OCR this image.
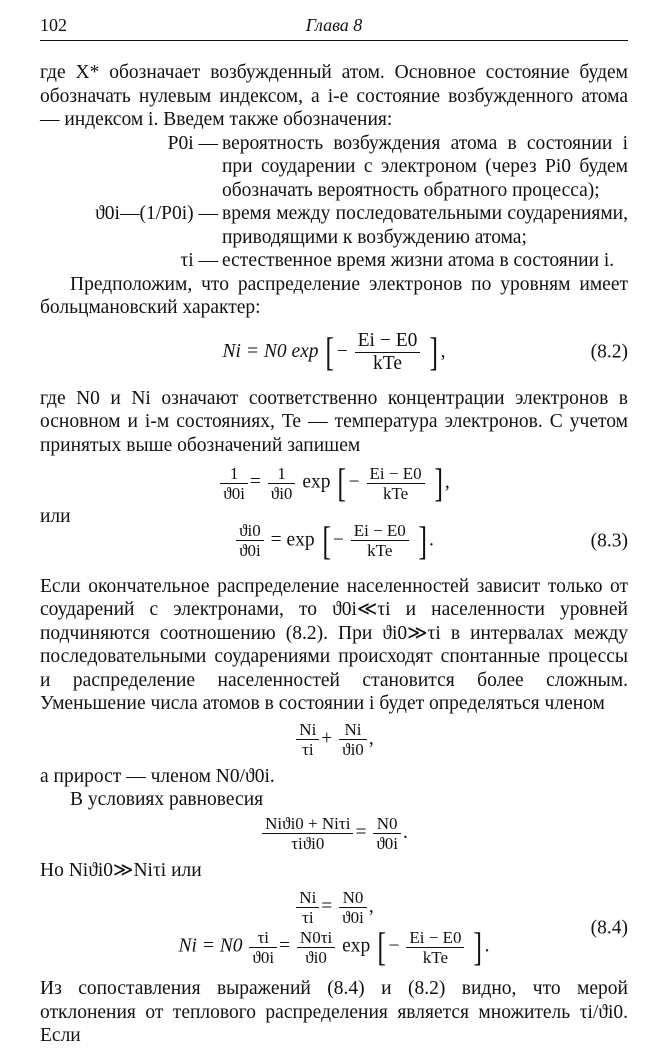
102	Глава 8

где X* обозначает возбужденный атом. Основное состояние будем обозначать нулевым индексом, а i-е состояние возбужденного атома — индексом i. Введем также обозначения:

P0i — вероятность возбуждения атома в состоянии i при соударении с электроном (через Pi0 будем обозначать вероятность обратного процесса);
ϑ0i—(1/P0i) — время между последовательными соударениями, приводящими к возбуждению атома;
τi — естественное время жизни атома в состоянии i.

Предположим, что распределение электронов по уровням имеет больцмановский характер:

Ni = N0 exp [ − $\frac{Ei - E0}{\text{kTe}}$ ] ,	(8.2)

где N0 и Ni означают соответственно концентрации электронов в основном и i-м состояниях, Te — температура электронов. С учетом принятых выше обозначений запишем

$\frac{1}{ϑ0i} = \frac{1}{ϑi0}$ exp [ − $\frac{Ei - E0}{\text{kTe}}$ ] ,

или

$\frac{ϑi0}{ϑ0i} = \exp$ [ − $\frac{Ei - E0}{\text{kTe}}$ ] .	(8.3)

Если окончательное распределение населенностей зависит только от соударений с электронами, то ϑ0i≪τi и населенности уровней подчиняются соотношению (8.2). При ϑi0≫τi в интервалах между последовательными соударениями происходят спонтанные процессы и распределение населенностей становится более сложным. Уменьшение числа атомов в состоянии i будет определяться членом

$\frac{Ni}{\tau i} + \frac{Ni}{ϑi0}$ ,

а прирост — членом N0/ϑ0i.

В условиях равновесия

$\frac{\text{Niϑi0 + Niτi}}{\text{τiϑi0}} = \frac{N0}{ϑ0i}$ .

Но Niϑi0≫Niτi или

$\frac{Ni}{\tau i} = \frac{N0}{ϑ0i}$ ,
$Ni = N0 \frac{\tau i}{ϑ0i} = \frac{N0\tau i}{ϑi0}$ exp [ − $\frac{Ei - E0}{\text{kTe}}$ ] .
(8.4)

Из сопоставления выражений (8.4) и (8.2) видно, что мерой отклонения от теплового распределения является множитель τi/ϑi0. Если
